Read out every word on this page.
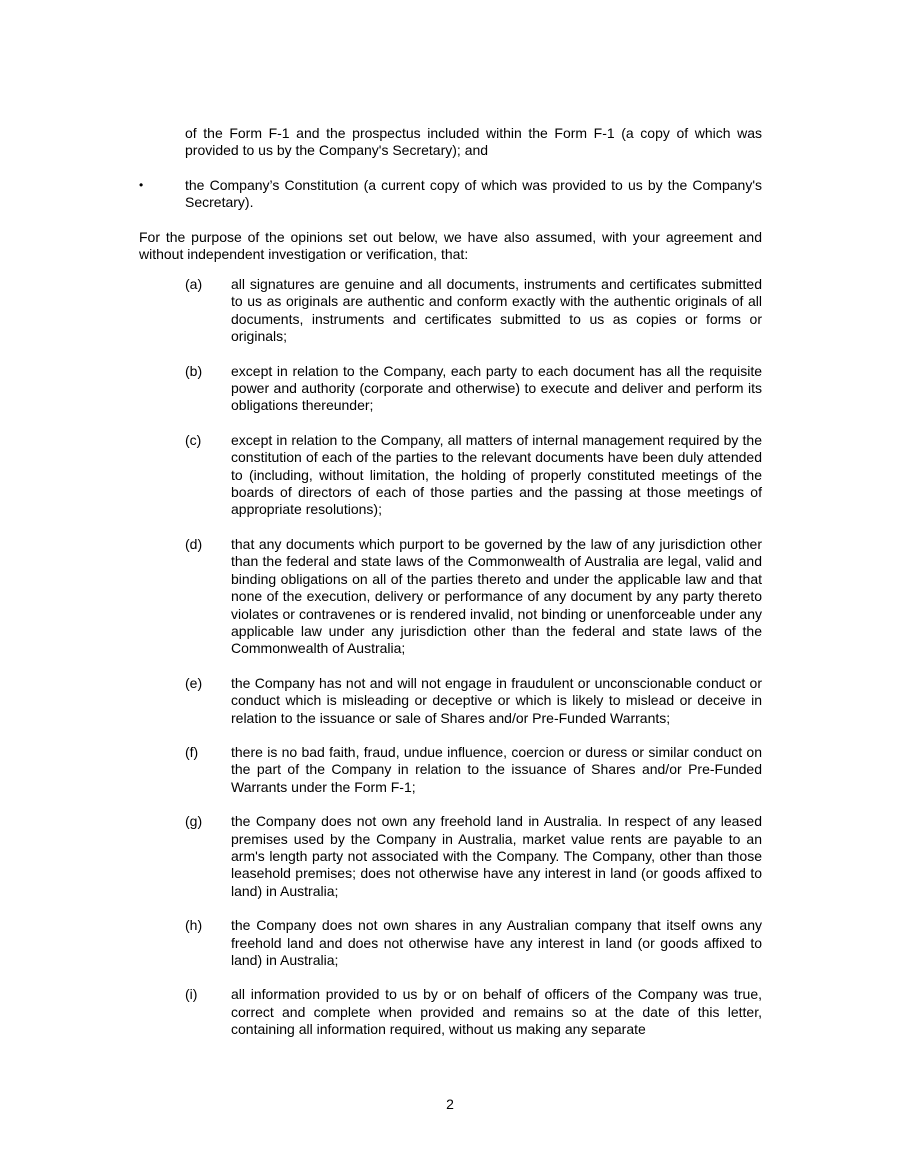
of the Form F-1 and the prospectus included within the Form F-1 (a copy of which was provided to us by the Company's Secretary); and

•	the Company’s Constitution (a current copy of which was provided to us by the Company's Secretary).

For the purpose of the opinions set out below, we have also assumed, with your agreement and without independent investigation or verification, that:

(a)	all signatures are genuine and all documents, instruments and certificates submitted to us as originals are authentic and conform exactly with the authentic originals of all documents, instruments and certificates submitted to us as copies or forms or originals;
(b)	except in relation to the Company, each party to each document has all the requisite power and authority (corporate and otherwise) to execute and deliver and perform its obligations thereunder;
(c)	except in relation to the Company, all matters of internal management required by the constitution of each of the parties to the relevant documents have been duly attended to (including, without limitation, the holding of properly constituted meetings of the boards of directors of each of those parties and the passing at those meetings of appropriate resolutions);
(d)	that any documents which purport to be governed by the law of any jurisdiction other than the federal and state laws of the Commonwealth of Australia are legal, valid and binding obligations on all of the parties thereto and under the applicable law and that none of the execution, delivery or performance of any document by any party thereto violates or contravenes or is rendered invalid, not binding or unenforceable under any applicable law under any jurisdiction other than the federal and state laws of the Commonwealth of Australia;
(e)	the Company has not and will not engage in fraudulent or unconscionable conduct or conduct which is misleading or deceptive or which is likely to mislead or deceive in relation to the issuance or sale of Shares and/or Pre-Funded Warrants;
(f)	there is no bad faith, fraud, undue influence, coercion or duress or similar conduct on the part of the Company in relation to the issuance of Shares and/or Pre-Funded Warrants under the Form F-1;
(g)	the Company does not own any freehold land in Australia. In respect of any leased premises used by the Company in Australia, market value rents are payable to an arm's length party not associated with the Company. The Company, other than those leasehold premises; does not otherwise have any interest in land (or goods affixed to land) in Australia;
(h)	the Company does not own shares in any Australian company that itself owns any freehold land and does not otherwise have any interest in land (or goods affixed to land) in Australia;
(i)	all information provided to us by or on behalf of officers of the Company was true, correct and complete when provided and remains so at the date of this letter, containing all information required, without us making any separate
2
